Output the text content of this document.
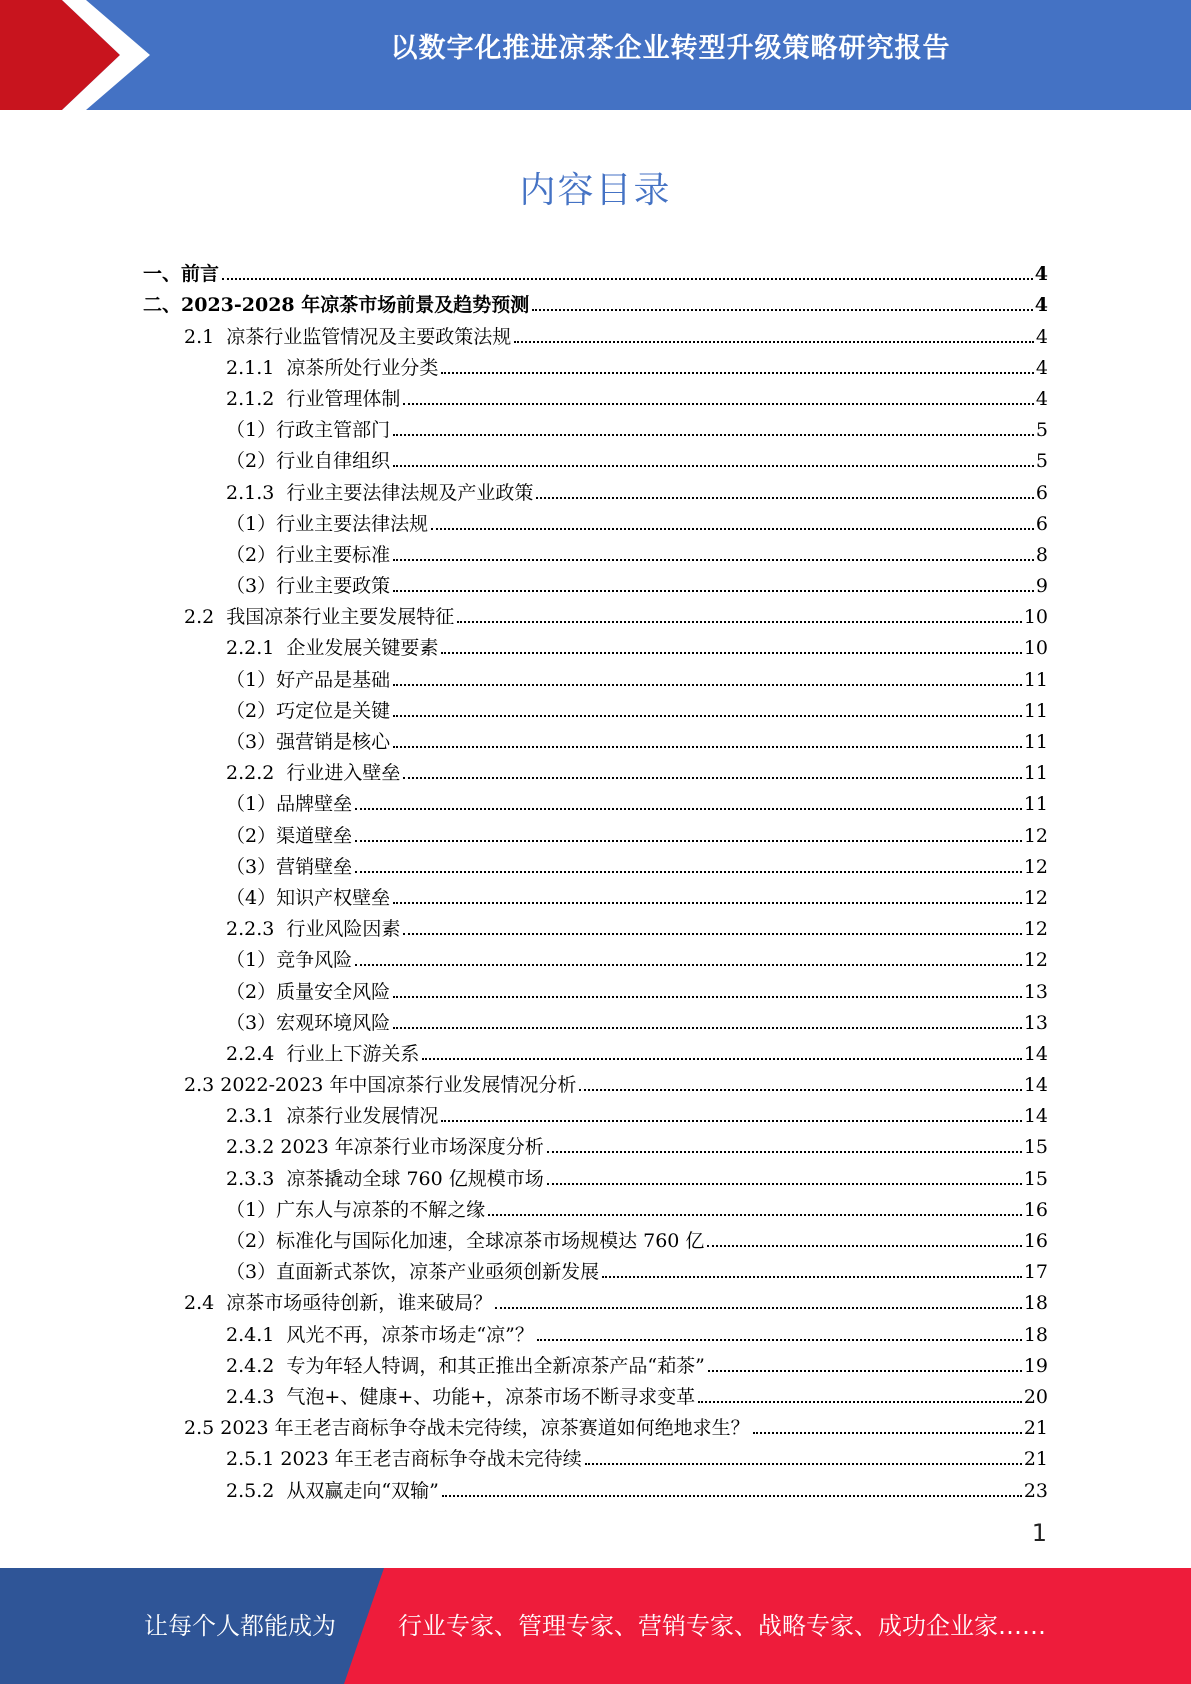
以数字化推进凉茶企业转型升级策略研究报告
内容目录
一、前言	4
二、2023-2028 年凉茶市场前景及趋势预测	4
2.1  凉茶行业监管情况及主要政策法规	4
2.1.1  凉茶所处行业分类	4
2.1.2  行业管理体制	4
（1）行政主管部门	5
（2）行业自律组织	5
2.1.3  行业主要法律法规及产业政策	6
（1）行业主要法律法规	6
（2）行业主要标准	8
（3）行业主要政策	9
2.2  我国凉茶行业主要发展特征	10
2.2.1  企业发展关键要素	10
（1）好产品是基础	11
（2）巧定位是关键	11
（3）强营销是核心	11
2.2.2  行业进入壁垒	11
（1）品牌壁垒	11
（2）渠道壁垒	12
（3）营销壁垒	12
（4）知识产权壁垒	12
2.2.3  行业风险因素	12
（1）竞争风险	12
（2）质量安全风险	13
（3）宏观环境风险	13
2.2.4  行业上下游关系	14
2.3 2022-2023 年中国凉茶行业发展情况分析	14
2.3.1  凉茶行业发展情况	14
2.3.2 2023 年凉茶行业市场深度分析	15
2.3.3  凉茶撬动全球 760 亿规模市场	15
（1）广东人与凉茶的不解之缘	16
（2）标准化与国际化加速，全球凉茶市场规模达 760 亿	16
（3）直面新式茶饮，凉茶产业亟须创新发展	17
2.4  凉茶市场亟待创新，谁来破局？	18
2.4.1  风光不再，凉茶市场走“凉”？	18
2.4.2  专为年轻人特调，和其正推出全新凉茶产品“萂茶”	19
2.4.3  气泡+、健康+、功能+，凉茶市场不断寻求变革	20
2.5 2023 年王老吉商标争夺战未完待续，凉茶赛道如何绝地求生？	21
2.5.1 2023 年王老吉商标争夺战未完待续	21
2.5.2  从双赢走向“双输”	23
1
让每个人都能成为	行业专家、管理专家、营销专家、战略专家、成功企业家……
